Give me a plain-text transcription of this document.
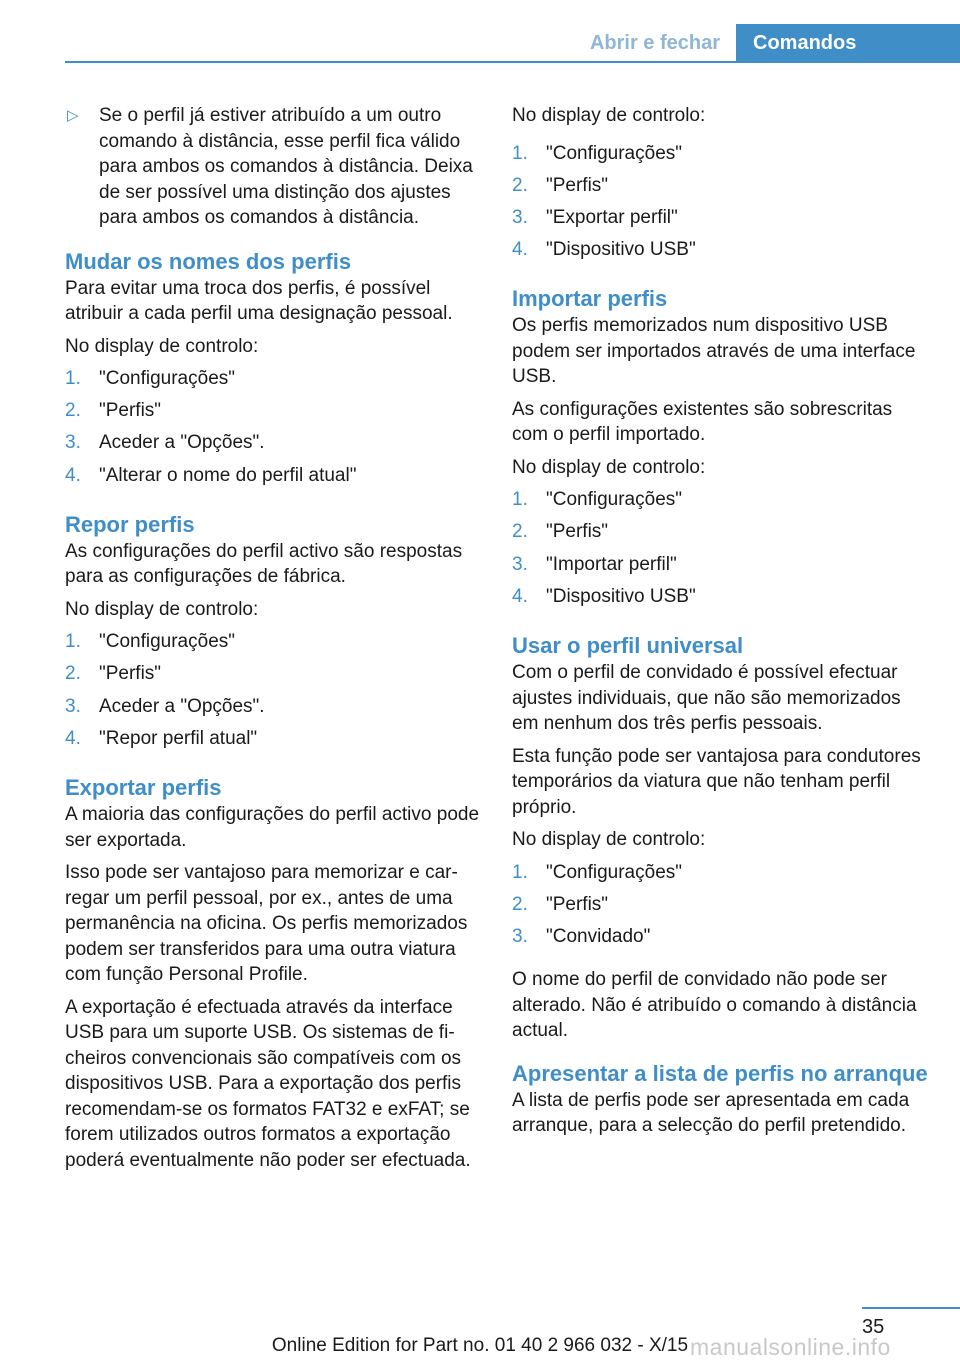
Abrir e fechar	Comandos
▷ Se o perfil já estiver atribuído a um outro comando à distância, esse perfil fica válido para ambos os comandos à distância. Deixa de ser possível uma distinção dos ajustes para ambos os comandos à distância.
Mudar os nomes dos perfis

Para evitar uma troca dos perfis, é possível atribuir a cada perfil uma designação pessoal.

No display de controlo:

1. "Configurações"
2. "Perfis"
3. Aceder a "Opções".
4. "Alterar o nome do perfil atual"
Repor perfis

As configurações do perfil activo são respostas para as configurações de fábrica.

No display de controlo:

1. "Configurações"
2. "Perfis"
3. Aceder a "Opções".
4. "Repor perfil atual"
Exportar perfis

A maioria das configurações do perfil activo pode ser exportada.

Isso pode ser vantajoso para memorizar e carregar um perfil pessoal, por ex., antes de uma permanência na oficina. Os perfis memorizados podem ser transferidos para uma outra viatura com função Personal Profile.

A exportação é efectuada através da interface USB para um suporte USB. Os sistemas de ficheiros convencionais são compatíveis com os dispositivos USB. Para a exportação dos perfis recomendam-se os formatos FAT32 e exFAT; se forem utilizados outros formatos a exportação poderá eventualmente não poder ser efectuada.

No display de controlo:

1. "Configurações"
2. "Perfis"
3. "Exportar perfil"
4. "Dispositivo USB"
Importar perfis

Os perfis memorizados num dispositivo USB podem ser importados através de uma interface USB.

As configurações existentes são sobrescritas com o perfil importado.

No display de controlo:

1. "Configurações"
2. "Perfis"
3. "Importar perfil"
4. "Dispositivo USB"
Usar o perfil universal

Com o perfil de convidado é possível efectuar ajustes individuais, que não são memorizados em nenhum dos três perfis pessoais.

Esta função pode ser vantajosa para condutores temporários da viatura que não tenham perfil próprio.

No display de controlo:

1. "Configurações"
2. "Perfis"
3. "Convidado"

O nome do perfil de convidado não pode ser alterado. Não é atribuído o comando à distância actual.

Apresentar a lista de perfis no arranque

A lista de perfis pode ser apresentada em cada arranque, para a selecção do perfil pretendido.

35
Online Edition for Part no. 01 40 2 966 032 - X/15 manualsonline.info
